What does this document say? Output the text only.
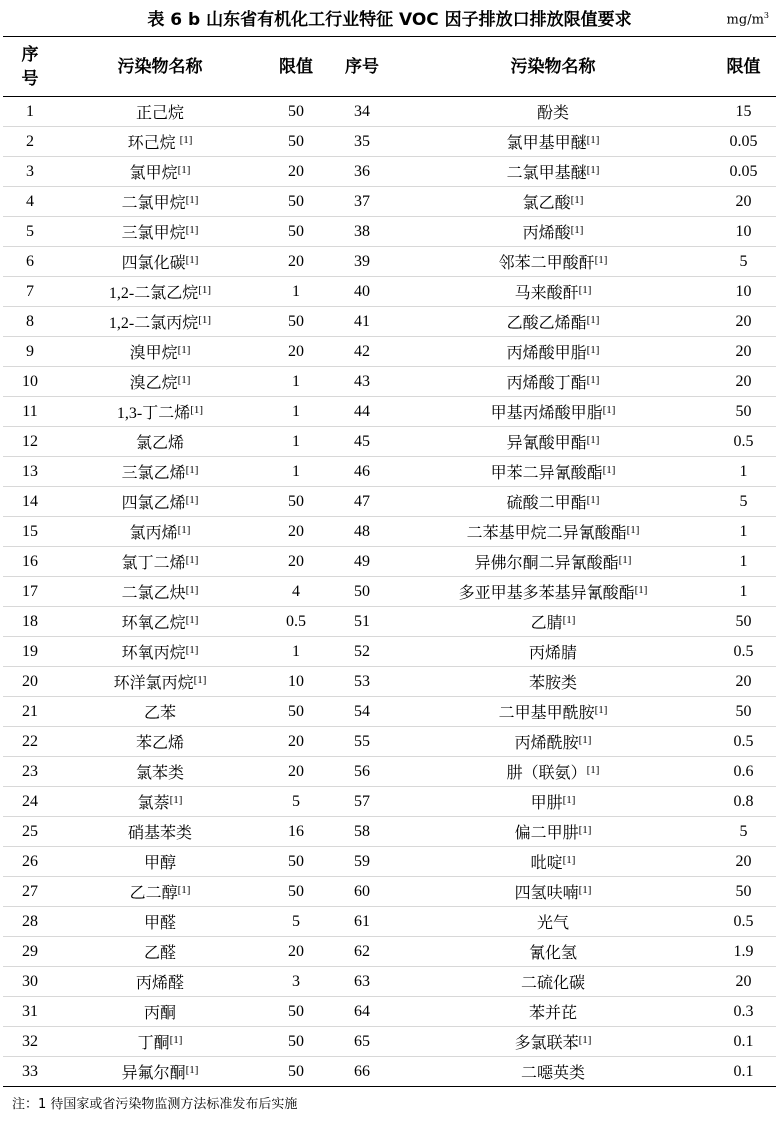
表 6 b 山东省有机化工行业特征 VOC 因子排放口排放限值要求	$mg/m^3$
序号	污染物名称	限值	序号	污染物名称	限值
1	正己烷	50	34	酚类	15
2	环己烷 [1]	50	35	氯甲基甲醚[1]	0.05
3	氯甲烷[1]	20	36	二氯甲基醚[1]	0.05
4	二氯甲烷[1]	50	37	氯乙酸[1]	20
5	三氯甲烷[1]	50	38	丙烯酸[1]	10
6	四氯化碳[1]	20	39	邻苯二甲酸酐[1]	5
7	1,2-二氯乙烷[1]	1	40	马来酸酐[1]	10
8	1,2-二氯丙烷[1]	50	41	乙酸乙烯酯[1]	20
9	溴甲烷[1]	20	42	丙烯酸甲脂[1]	20
10	溴乙烷[1]	1	43	丙烯酸丁酯[1]	20
11	1,3-丁二烯[1]	1	44	甲基丙烯酸甲脂[1]	50
12	氯乙烯	1	45	异氰酸甲酯[1]	0.5
13	三氯乙烯[1]	1	46	甲苯二异氰酸酯[1]	1
14	四氯乙烯[1]	50	47	硫酸二甲酯[1]	5
15	氯丙烯[1]	20	48	二苯基甲烷二异氰酸酯[1]	1
16	氯丁二烯[1]	20	49	异佛尔酮二异氰酸酯[1]	1
17	二氯乙炔[1]	4	50	多亚甲基多苯基异氰酸酯[1]	1
18	环氧乙烷[1]	0.5	51	乙腈[1]	50
19	环氧丙烷[1]	1	52	丙烯腈	0.5
20	环洋氯丙烷[1]	10	53	苯胺类	20
21	乙苯	50	54	二甲基甲酰胺[1]	50
22	苯乙烯	20	55	丙烯酰胺[1]	0.5
23	氯苯类	20	56	肼（联氨）[1]	0.6
24	氯萘[1]	5	57	甲肼[1]	0.8
25	硝基苯类	16	58	偏二甲肼[1]	5
26	甲醇	50	59	吡啶[1]	20
27	乙二醇[1]	50	60	四氢呋喃[1]	50
28	甲醛	5	61	光气	0.5
29	乙醛	20	62	氰化氢	1.9
30	丙烯醛	3	63	二硫化碳	20
31	丙酮	50	64	苯并芘	0.3
32	丁酮[1]	50	65	多氯联苯[1]	0.1
33	异氟尔酮[1]	50	66	二噁英类	0.1
注：1 待国家或省污染物监测方法标准发布后实施
